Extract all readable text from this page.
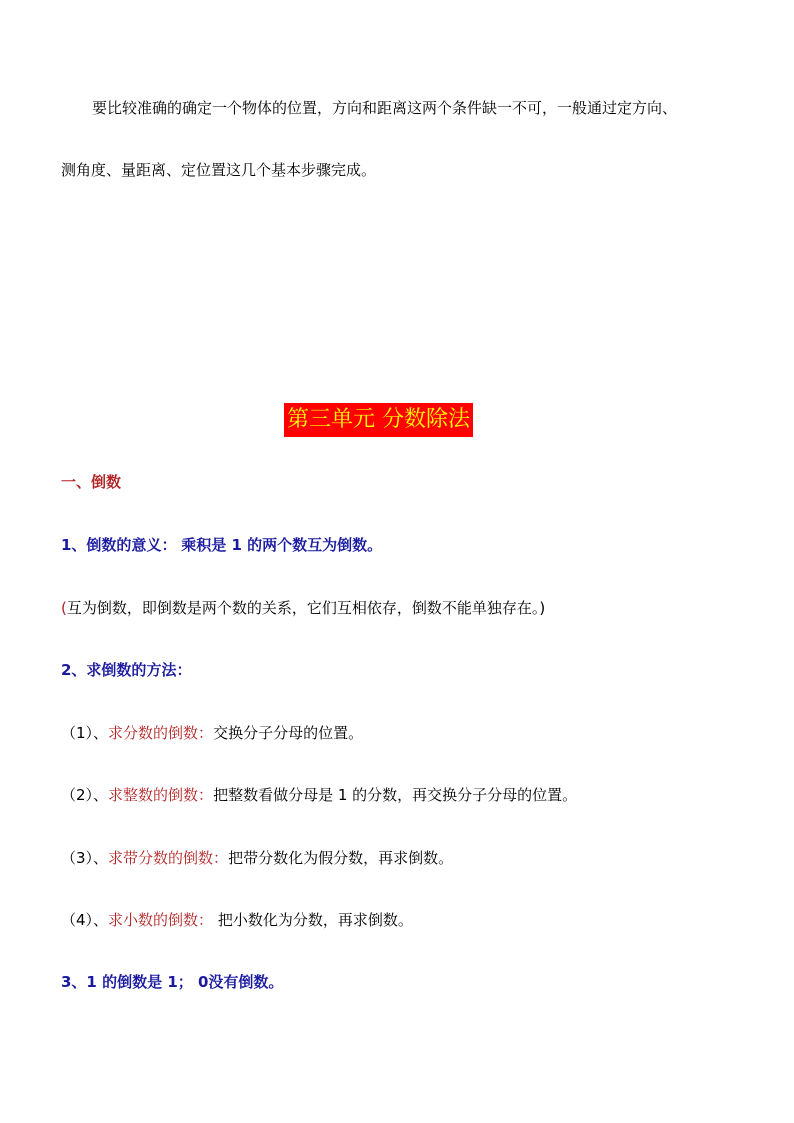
要比较准确的确定一个物体的位置，方向和距离这两个条件缺一不可，一般通过定方向、
测角度、量距离、定位置这几个基本步骤完成。
第三单元 分数除法
一、倒数
1、倒数的意义： 乘积是 1 的两个数互为倒数。
(互为倒数，即倒数是两个数的关系，它们互相依存，倒数不能单独存在。)
2、求倒数的方法：
（1）、求分数的倒数：交换分子分母的位置。
（2）、求整数的倒数：把整数看做分母是 1 的分数，再交换分子分母的位置。
（3）、求带分数的倒数：把带分数化为假分数，再求倒数。
（4）、求小数的倒数： 把小数化为分数，再求倒数。
3、1 的倒数是 1； 0没有倒数。
